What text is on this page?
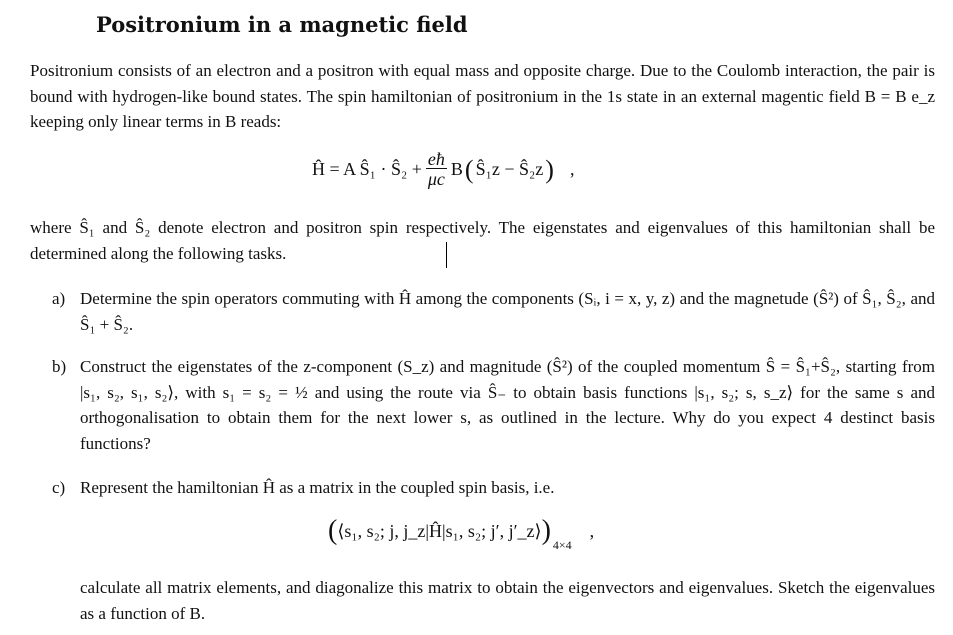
Positronium in a magnetic field

Positronium consists of an electron and a positron with equal mass and opposite charge. Due to the Coulomb interaction, the pair is bound with hydrogen-like bound states. The spin hamiltonian of positronium in the 1s state in an external magentic field B = B e_z keeping only linear terms in B reads:

Ĥ = A Ŝ₁ · Ŝ₂ + $\frac{eħ}{\mu c}$ B ( Ŝ₁z − Ŝ₂z ) ,

where Ŝ₁ and Ŝ₂ denote electron and positron spin respectively. The eigenstates and eigenvalues of this hamiltonian shall be determined along the following tasks.

a) Determine the spin operators commuting with Ĥ among the components (Sᵢ, i = x, y, z) and the magnetude (Ŝ²) of Ŝ₁, Ŝ₂, and Ŝ₁ + Ŝ₂.

b) Construct the eigenstates of the z-component (S_z) and magnitude (Ŝ²) of the coupled momentum Ŝ = Ŝ₁+Ŝ₂, starting from |s₁, s₂, s₁, s₂⟩, with s₁ = s₂ = ½ and using the route via Ŝ₋ to obtain basis functions |s₁, s₂; s, s_z⟩ for the same s and orthogonalisation to obtain them for the next lower s, as outlined in the lecture. Why do you expect 4 destinct basis functions?

c) Represent the hamiltonian Ĥ as a matrix in the coupled spin basis, i.e.

calculate all matrix elements, and diagonalize this matrix to obtain the eigenvectors and eigenvalues. Sketch the eigenvalues as a function of B.

( ⟨s₁, s₂; j, j_z|Ĥ|s₁, s₂; j′, j′_z⟩ ) 4×4
,
